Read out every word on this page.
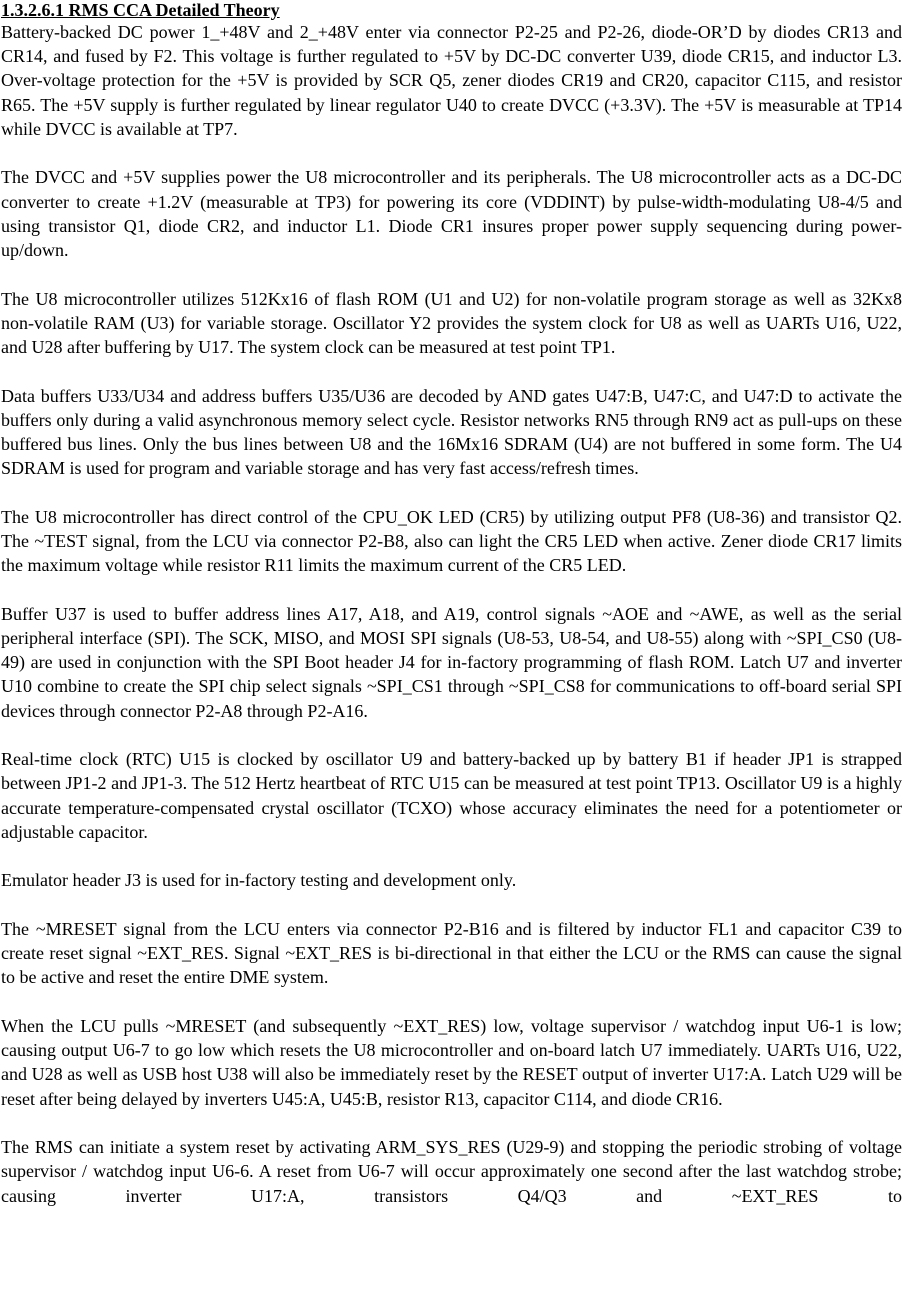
1.3.2.6.1 RMS CCA Detailed Theory

Battery-backed DC power 1_+48V and 2_+48V enter via connector P2-25 and P2-26, diode-OR’D by diodes CR13 and CR14, and fused by F2. This voltage is further regulated to +5V by DC-DC converter U39, diode CR15, and inductor L3. Over-voltage protection for the +5V is provided by SCR Q5, zener diodes CR19 and CR20, capacitor C115, and resistor R65. The +5V supply is further regulated by linear regulator U40 to create DVCC (+3.3V). The +5V is measurable at TP14 while DVCC is available at TP7.

The DVCC and +5V supplies power the U8 microcontroller and its peripherals. The U8 microcontroller acts as a DC-DC converter to create +1.2V (measurable at TP3) for powering its core (VDDINT) by pulse-width-modulating U8-4/5 and using transistor Q1, diode CR2, and inductor L1. Diode CR1 insures proper power supply sequencing during power-up/down.

The U8 microcontroller utilizes 512Kx16 of flash ROM (U1 and U2) for non-volatile program storage as well as 32Kx8 non-volatile RAM (U3) for variable storage. Oscillator Y2 provides the system clock for U8 as well as UARTs U16, U22, and U28 after buffering by U17. The system clock can be measured at test point TP1.

Data buffers U33/U34 and address buffers U35/U36 are decoded by AND gates U47:B, U47:C, and U47:D to activate the buffers only during a valid asynchronous memory select cycle. Resistor networks RN5 through RN9 act as pull-ups on these buffered bus lines. Only the bus lines between U8 and the 16Mx16 SDRAM (U4) are not buffered in some form. The U4 SDRAM is used for program and variable storage and has very fast access/refresh times.

The U8 microcontroller has direct control of the CPU_OK LED (CR5) by utilizing output PF8 (U8-36) and transistor Q2. The ~TEST signal, from the LCU via connector P2-B8, also can light the CR5 LED when active. Zener diode CR17 limits the maximum voltage while resistor R11 limits the maximum current of the CR5 LED.

Buffer U37 is used to buffer address lines A17, A18, and A19, control signals ~AOE and ~AWE, as well as the serial peripheral interface (SPI). The SCK, MISO, and MOSI SPI signals (U8-53, U8-54, and U8-55) along with ~SPI_CS0 (U8-49) are used in conjunction with the SPI Boot header J4 for in-factory programming of flash ROM. Latch U7 and inverter U10 combine to create the SPI chip select signals ~SPI_CS1 through ~SPI_CS8 for communications to off-board serial SPI devices through connector P2-A8 through P2-A16.

Real-time clock (RTC) U15 is clocked by oscillator U9 and battery-backed up by battery B1 if header JP1 is strapped between JP1-2 and JP1-3. The 512 Hertz heartbeat of RTC U15 can be measured at test point TP13. Oscillator U9 is a highly accurate temperature-compensated crystal oscillator (TCXO) whose accuracy eliminates the need for a potentiometer or adjustable capacitor.

Emulator header J3 is used for in-factory testing and development only.

The ~MRESET signal from the LCU enters via connector P2-B16 and is filtered by inductor FL1 and capacitor C39 to create reset signal ~EXT_RES. Signal ~EXT_RES is bi-directional in that either the LCU or the RMS can cause the signal to be active and reset the entire DME system.

When the LCU pulls ~MRESET (and subsequently ~EXT_RES) low, voltage supervisor / watchdog input U6-1 is low; causing output U6-7 to go low which resets the U8 microcontroller and on-board latch U7 immediately. UARTs U16, U22, and U28 as well as USB host U38 will also be immediately reset by the RESET output of inverter U17:A. Latch U29 will be reset after being delayed by inverters U45:A, U45:B, resistor R13, capacitor C114, and diode CR16.

The RMS can initiate a system reset by activating ARM_SYS_RES (U29-9) and stopping the periodic strobing of voltage supervisor / watchdog input U6-6. A reset from U6-7 will occur approximately one second after the last watchdog strobe; causing inverter U17:A, transistors Q4/Q3 and ~EXT_RES to
